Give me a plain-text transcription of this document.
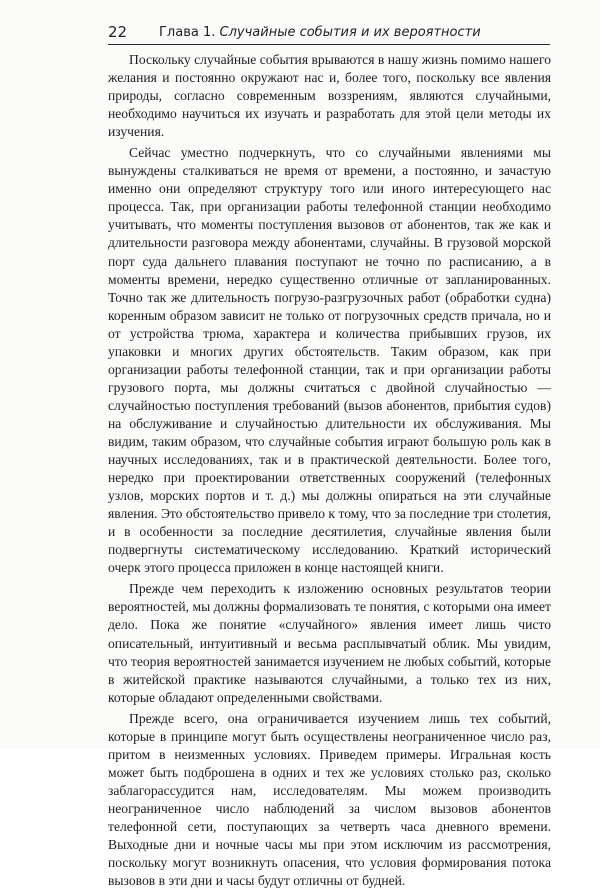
22 Глава 1. Случайные события и их вероятности

Поскольку случайные события врываются в нашу жизнь помимо нашего желания и постоянно окружают нас и, более того, поскольку все явления природы, согласно современным воззрениям, являются случайными, необходимо научиться их изучать и разработать для этой цели методы их изучения.

Сейчас уместно подчеркнуть, что со случайными явлениями мы вынуждены сталкиваться не время от времени, а постоянно, и зачастую именно они определяют структуру того или иного интересующего нас процесса. Так, при организации работы телефонной станции необходимо учитывать, что моменты поступления вызовов от абонентов, так же как и длительности разговора между абонентами, случайны. В грузовой морской порт суда дальнего плавания поступают не точно по расписанию, а в моменты времени, нередко существенно отличные от запланированных. Точно так же длительность погрузо-разгрузочных работ (обработки судна) коренным образом зависит не только от погрузочных средств причала, но и от устройства трюма, характера и количества прибывших грузов, их упаковки и многих других обстоятельств. Таким образом, как при организации работы телефонной станции, так и при организации работы грузового порта, мы должны считаться с двойной случайностью — случайностью поступления требований (вызов абонентов, прибытия судов) на обслуживание и случайностью длительности их обслуживания. Мы видим, таким образом, что случайные события играют большую роль как в научных исследованиях, так и в практической деятельности. Более того, нередко при проектировании ответственных сооружений (телефонных узлов, морских портов и т. д.) мы должны опираться на эти случайные явления. Это обстоятельство привело к тому, что за последние три столетия, и в особенности за последние десятилетия, случайные явления были подвергнуты систематическому исследованию. Краткий исторический очерк этого процесса приложен в конце настоящей книги.

Прежде чем переходить к изложению основных результатов теории вероятностей, мы должны формализовать те понятия, с которыми она имеет дело. Пока же понятие «случайного» явления имеет лишь чисто описательный, интуитивный и весьма расплывчатый облик. Мы увидим, что теория вероятностей занимается изучением не любых событий, которые в житейской практике называются случайными, а только тех из них, которые обладают определенными свойствами.

Прежде всего, она ограничивается изучением лишь тех событий, которые в принципе могут быть осуществлены неограниченное число раз, притом в неизменных условиях. Приведем примеры. Игральная кость может быть подброшена в одних и тех же условиях столько раз, сколько заблагорассудится нам, исследователям. Мы можем производить неограниченное число наблюдений за числом вызовов абонентов телефонной сети, поступающих за четверть часа дневного времени. Выходные дни и ночные часы мы при этом исключим из рассмотрения, поскольку могут возникнуть опасения, что условия формирования потока вызовов в эти дни и часы будут отличны от будней.
